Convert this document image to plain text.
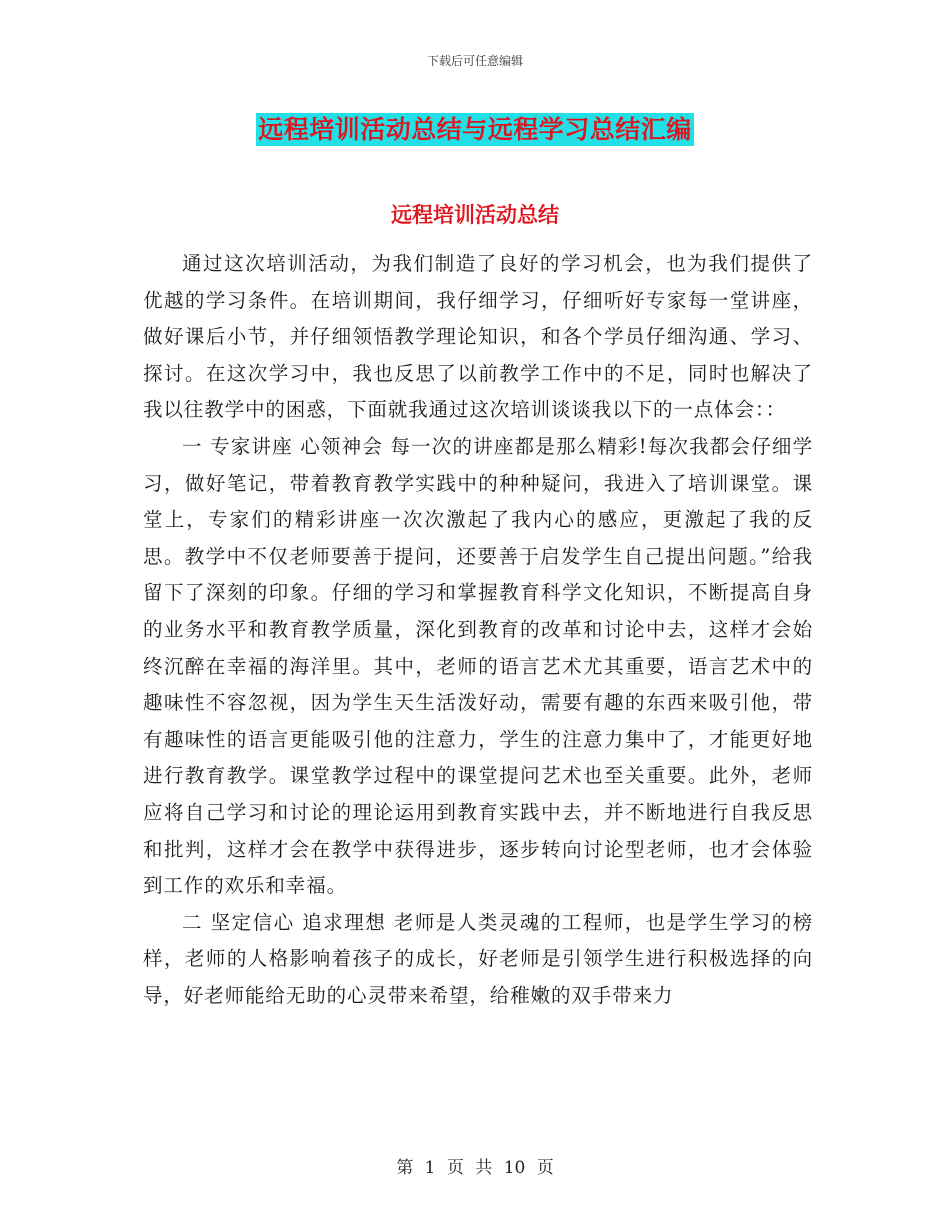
下载后可任意编辑
远程培训活动总结与远程学习总结汇编
远程培训活动总结

通过这次培训活动，为我们制造了良好的学习机会，也为我们提供了优越的学习条件。在培训期间，我仔细学习，仔细听好专家每一堂讲座，做好课后小节，并仔细领悟教学理论知识，和各个学员仔细沟通、学习、探讨。在这次学习中，我也反思了以前教学工作中的不足，同时也解决了我以往教学中的困惑，下面就我通过这次培训谈谈我以下的一点体会：：

一 专家讲座 心领神会 每一次的讲座都是那么精彩!每次我都会仔细学习，做好笔记，带着教育教学实践中的种种疑问，我进入了培训课堂。课堂上，专家们的精彩讲座一次次激起了我内心的感应，更激起了我的反思。教学中不仅老师要善于提问，还要善于启发学生自己提出问题。”给我留下了深刻的印象。仔细的学习和掌握教育科学文化知识，不断提高自身的业务水平和教育教学质量，深化到教育的改革和讨论中去，这样才会始终沉醉在幸福的海洋里。其中，老师的语言艺术尤其重要，语言艺术中的趣味性不容忽视，因为学生天生活泼好动，需要有趣的东西来吸引他，带有趣味性的语言更能吸引他的注意力，学生的注意力集中了，才能更好地进行教育教学。课堂教学过程中的课堂提问艺术也至关重要。此外，老师应将自己学习和讨论的理论运用到教育实践中去，并不断地进行自我反思和批判，这样才会在教学中获得进步，逐步转向讨论型老师，也才会体验到工作的欢乐和幸福。

二 坚定信心 追求理想 老师是人类灵魂的工程师，也是学生学习的榜样，老师的人格影响着孩子的成长，好老师是引领学生进行积极选择的向导，好老师能给无助的心灵带来希望，给稚嫩的双手带来力

第 1 页 共 10 页
